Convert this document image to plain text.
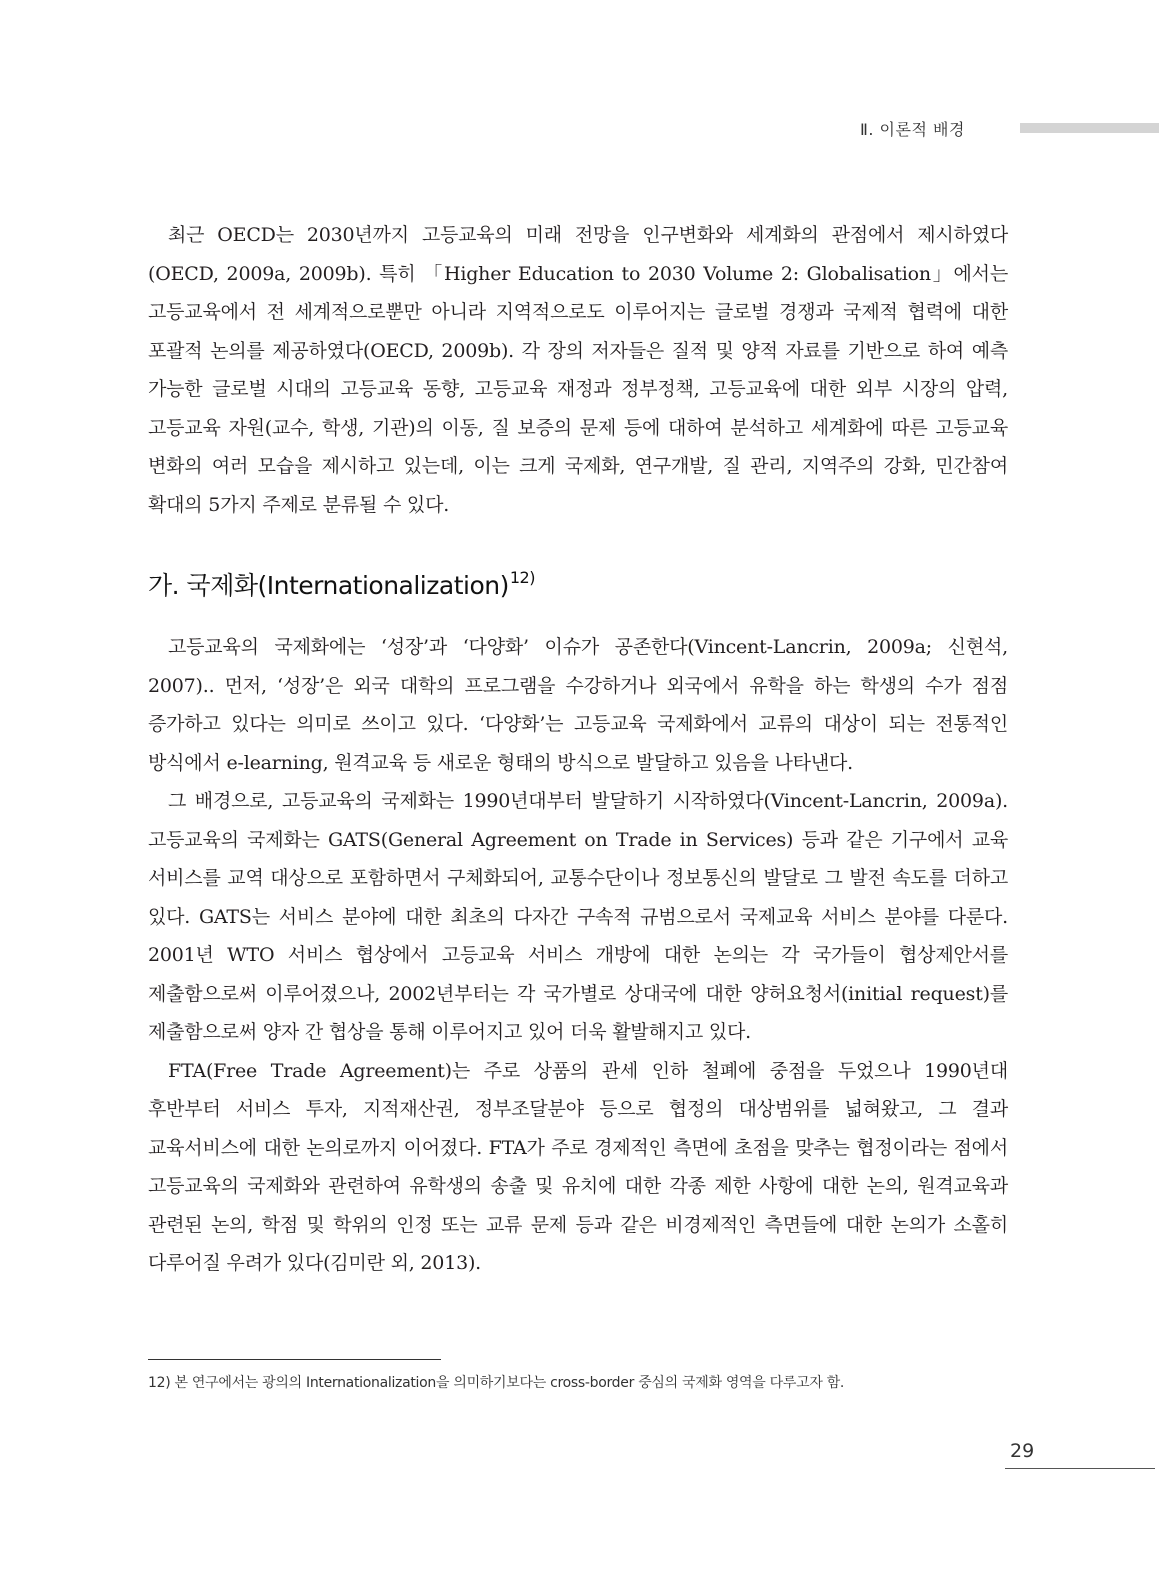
Ⅱ. 이론적 배경

최근 OECD는 2030년까지 고등교육의 미래 전망을 인구변화와 세계화의 관점에서 제시하였다(OECD, 2009a, 2009b). 특히 「Higher Education to 2030 Volume 2: Globalisation」에서는 고등교육에서 전 세계적으로뿐만 아니라 지역적으로도 이루어지는 글로벌 경쟁과 국제적 협력에 대한 포괄적 논의를 제공하였다(OECD, 2009b). 각 장의 저자들은 질적 및 양적 자료를 기반으로 하여 예측 가능한 글로벌 시대의 고등교육 동향, 고등교육 재정과 정부정책, 고등교육에 대한 외부 시장의 압력, 고등교육 자원(교수, 학생, 기관)의 이동, 질 보증의 문제 등에 대하여 분석하고 세계화에 따른 고등교육 변화의 여러 모습을 제시하고 있는데, 이는 크게 국제화, 연구개발, 질 관리, 지역주의 강화, 민간참여 확대의 5가지 주제로 분류될 수 있다.

가. 국제화(Internationalization)$^{12)}$

고등교육의 국제화에는 ‘성장’과 ‘다양화’ 이슈가 공존한다(Vincent-Lancrin, 2009a; 신현석, 2007).. 먼저, ‘성장’은 외국 대학의 프로그램을 수강하거나 외국에서 유학을 하는 학생의 수가 점점 증가하고 있다는 의미로 쓰이고 있다. ‘다양화’는 고등교육 국제화에서 교류의 대상이 되는 전통적인 방식에서 e-learning, 원격교육 등 새로운 형태의 방식으로 발달하고 있음을 나타낸다.

그 배경으로, 고등교육의 국제화는 1990년대부터 발달하기 시작하였다(Vincent-Lancrin, 2009a). 고등교육의 국제화는 GATS(General Agreement on Trade in Services) 등과 같은 기구에서 교육 서비스를 교역 대상으로 포함하면서 구체화되어, 교통수단이나 정보통신의 발달로 그 발전 속도를 더하고 있다. GATS는 서비스 분야에 대한 최초의 다자간 구속적 규범으로서 국제교육 서비스 분야를 다룬다. 2001년 WTO 서비스 협상에서 고등교육 서비스 개방에 대한 논의는 각 국가들이 협상제안서를 제출함으로써 이루어졌으나, 2002년부터는 각 국가별로 상대국에 대한 양허요청서(initial request)를 제출함으로써 양자 간 협상을 통해 이루어지고 있어 더욱 활발해지고 있다.

FTA(Free Trade Agreement)는 주로 상품의 관세 인하 철폐에 중점을 두었으나 1990년대 후반부터 서비스 투자, 지적재산권, 정부조달분야 등으로 협정의 대상범위를 넓혀왔고, 그 결과 교육서비스에 대한 논의로까지 이어졌다. FTA가 주로 경제적인 측면에 초점을 맞추는 협정이라는 점에서 고등교육의 국제화와 관련하여 유학생의 송출 및 유치에 대한 각종 제한 사항에 대한 논의, 원격교육과 관련된 논의, 학점 및 학위의 인정 또는 교류 문제 등과 같은 비경제적인 측면들에 대한 논의가 소홀히 다루어질 우려가 있다(김미란 외, 2013).

12) 본 연구에서는 광의의 Internationalization을 의미하기보다는 cross-border 중심의 국제화 영역을 다루고자 함.

29
